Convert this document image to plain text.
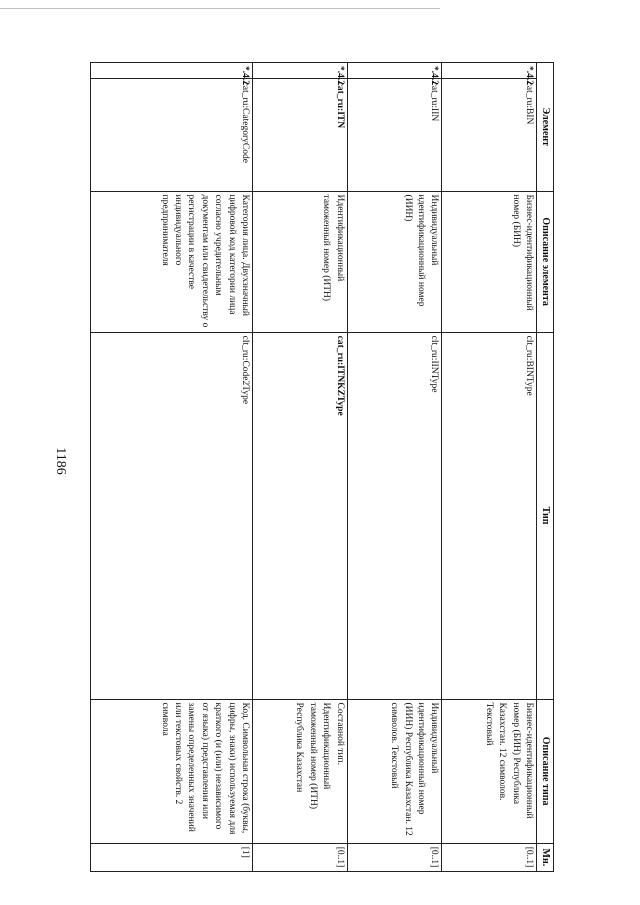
1186
Элемент		Описание элемента	Тип	Описание типа	Мн.
*.4.2	cat_ru:BIN	Бизнес-идентификационный номер (БИН)	clt_ru:BINType	Бизнес-идентификационный номер (БИН) Республика Казахстан. 12 символов. Текстовый	[0..1]
*.4.2	cat_ru:IIN	Индивидуальный идентификационный номер (ИИН)	clt_ru:IINType	Индивидуальный идентификационный номер (ИИН) Республика Казахстан. 12 символов. Текстовый	[0..1]
*.4.2	cat_ru:ITN	Идентификационный таможенный номер (ИТН)	cat_ru:ITNKZType	Составной тип. Идентификационный таможенный номер (ИТН) Республика Казахстан	[0..1]
*.4.2	cat_ru:CategoryCode	Категория лица. Двухзначный цифровой код категории лица согласно учредительным документам или свидетельству о регистрации в качестве индивидуального предпринимателя	clt_ru:Code2Type	Код. Символьная строка (буквы, цифры, знаки) используемая для краткого (и (или) независимого от языка) представления или замены определенных значений или текстовых свойств. 2 символа	[1]
